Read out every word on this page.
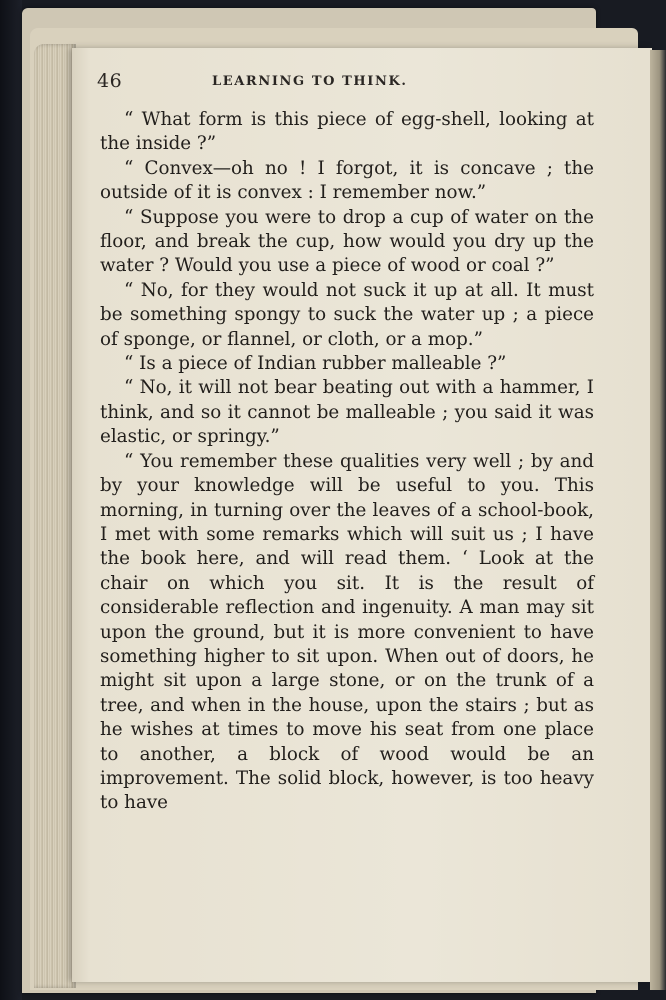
46	LEARNING TO THINK.

“ What form is this piece of egg-shell, looking at the inside ?”

“ Convex—oh no ! I forgot, it is concave ; the outside of it is convex : I remember now.”

“ Suppose you were to drop a cup of water on the floor, and break the cup, how would you dry up the water ? Would you use a piece of wood or coal ?”

“ No, for they would not suck it up at all. It must be something spongy to suck the water up ; a piece of sponge, or flannel, or cloth, or a mop.”

“ Is a piece of Indian rubber malleable ?”

“ No, it will not bear beating out with a hammer, I think, and so it cannot be malleable ; you said it was elastic, or springy.”

“ You remember these qualities very well ; by and by your knowledge will be useful to you. This morning, in turning over the leaves of a school-book, I met with some remarks which will suit us ; I have the book here, and will read them. ‘ Look at the chair on which you sit. It is the result of considerable reflection and ingenuity. A man may sit upon the ground, but it is more convenient to have something higher to sit upon. When out of doors, he might sit upon a large stone, or on the trunk of a tree, and when in the house, upon the stairs ; but as he wishes at times to move his seat from one place to another, a block of wood would be an improvement. The solid block, however, is too heavy to have
